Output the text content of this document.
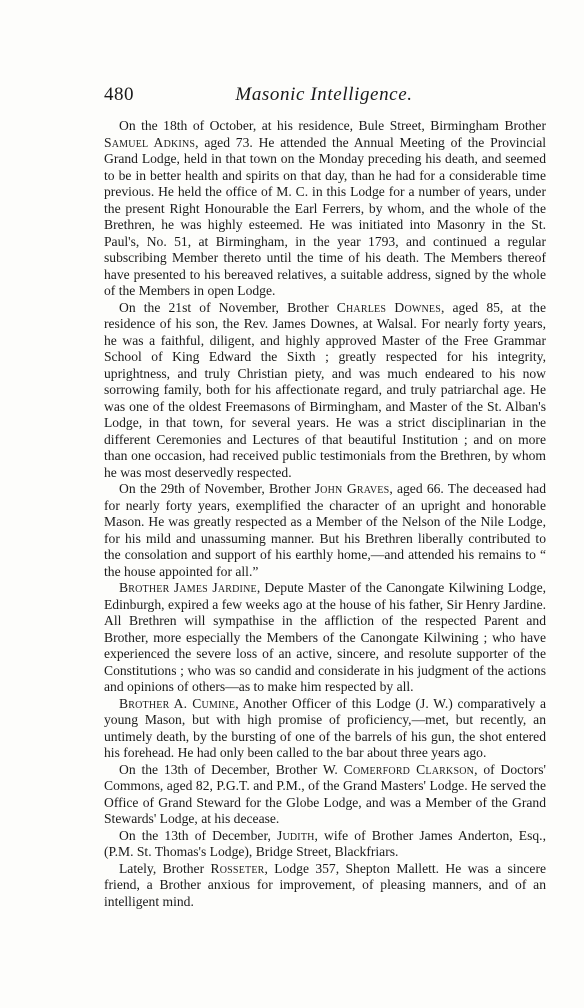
480	Masonic Intelligence.

On the 18th of October, at his residence, Bule Street, Birmingham Brother Samuel Adkins, aged 73. He attended the Annual Meeting of the Provincial Grand Lodge, held in that town on the Monday preceding his death, and seemed to be in better health and spirits on that day, than he had for a considerable time previous. He held the office of M. C. in this Lodge for a number of years, under the present Right Honourable the Earl Ferrers, by whom, and the whole of the Brethren, he was highly esteemed. He was initiated into Masonry in the St. Paul's, No. 51, at Birmingham, in the year 1793, and continued a regular subscribing Member thereto until the time of his death. The Members thereof have presented to his bereaved relatives, a suitable address, signed by the whole of the Members in open Lodge.

On the 21st of November, Brother Charles Downes, aged 85, at the residence of his son, the Rev. James Downes, at Walsal. For nearly forty years, he was a faithful, diligent, and highly approved Master of the Free Grammar School of King Edward the Sixth ; greatly respected for his integrity, uprightness, and truly Christian piety, and was much endeared to his now sorrowing family, both for his affectionate regard, and truly patriarchal age. He was one of the oldest Freemasons of Birmingham, and Master of the St. Alban's Lodge, in that town, for several years. He was a strict disciplinarian in the different Ceremonies and Lectures of that beautiful Institution ; and on more than one occasion, had received public testimonials from the Brethren, by whom he was most deservedly respected.

On the 29th of November, Brother John Graves, aged 66. The deceased had for nearly forty years, exemplified the character of an upright and honorable Mason. He was greatly respected as a Member of the Nelson of the Nile Lodge, for his mild and unassuming manner. But his Brethren liberally contributed to the consolation and support of his earthly home,—and attended his remains to “ the house appointed for all.”

Brother James Jardine, Depute Master of the Canongate Kilwining Lodge, Edinburgh, expired a few weeks ago at the house of his father, Sir Henry Jardine. All Brethren will sympathise in the affliction of the respected Parent and Brother, more especially the Members of the Canongate Kilwining ; who have experienced the severe loss of an active, sincere, and resolute supporter of the Constitutions ; who was so candid and considerate in his judgment of the actions and opinions of others—as to make him respected by all.

Brother A. Cumine, Another Officer of this Lodge (J. W.) comparatively a young Mason, but with high promise of proficiency,—met, but recently, an untimely death, by the bursting of one of the barrels of his gun, the shot entered his forehead. He had only been called to the bar about three years ago.

On the 13th of December, Brother W. Comerford Clarkson, of Doctors' Commons, aged 82, P.G.T. and P.M., of the Grand Masters' Lodge. He served the Office of Grand Steward for the Globe Lodge, and was a Member of the Grand Stewards' Lodge, at his decease.

On the 13th of December, Judith, wife of Brother James Anderton, Esq., (P.M. St. Thomas's Lodge), Bridge Street, Blackfriars.

Lately, Brother Rosseter, Lodge 357, Shepton Mallett. He was a sincere friend, a Brother anxious for improvement, of pleasing manners, and of an intelligent mind.
